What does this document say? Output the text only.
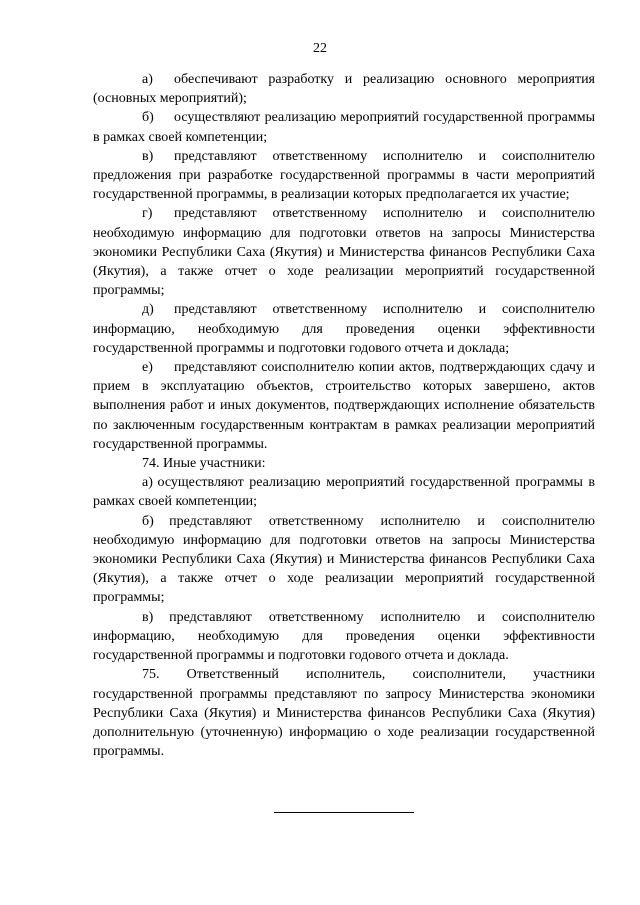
22

а) обеспечивают разработку и реализацию основного мероприятия (основных мероприятий);

б) осуществляют реализацию мероприятий государственной программы в рамках своей компетенции;

в) представляют ответственному исполнителю и соисполнителю предложения при разработке государственной программы в части мероприятий государственной программы, в реализации которых предполагается их участие;

г) представляют ответственному исполнителю и соисполнителю необходимую информацию для подготовки ответов на запросы Министерства экономики Республики Саха (Якутия) и Министерства финансов Республики Саха (Якутия), а также отчет о ходе реализации мероприятий государственной программы;

д) представляют ответственному исполнителю и соисполнителю информацию, необходимую для проведения оценки эффективности государственной программы и подготовки годового отчета и доклада;

е) представляют соисполнителю копии актов, подтверждающих сдачу и прием в эксплуатацию объектов, строительство которых завершено, актов выполнения работ и иных документов, подтверждающих исполнение обязательств по заключенным государственным контрактам в рамках реализации мероприятий государственной программы.

74. Иные участники:

а) осуществляют реализацию мероприятий государственной программы в рамках своей компетенции;

б) представляют ответственному исполнителю и соисполнителю необходимую информацию для подготовки ответов на запросы Министерства экономики Республики Саха (Якутия) и Министерства финансов Республики Саха (Якутия), а также отчет о ходе реализации мероприятий государственной программы;

в) представляют ответственному исполнителю и соисполнителю информацию, необходимую для проведения оценки эффективности государственной программы и подготовки годового отчета и доклада.

75. Ответственный исполнитель, соисполнители, участники государственной программы представляют по запросу Министерства экономики Республики Саха (Якутия) и Министерства финансов Республики Саха (Якутия) дополнительную (уточненную) информацию о ходе реализации государственной программы.
